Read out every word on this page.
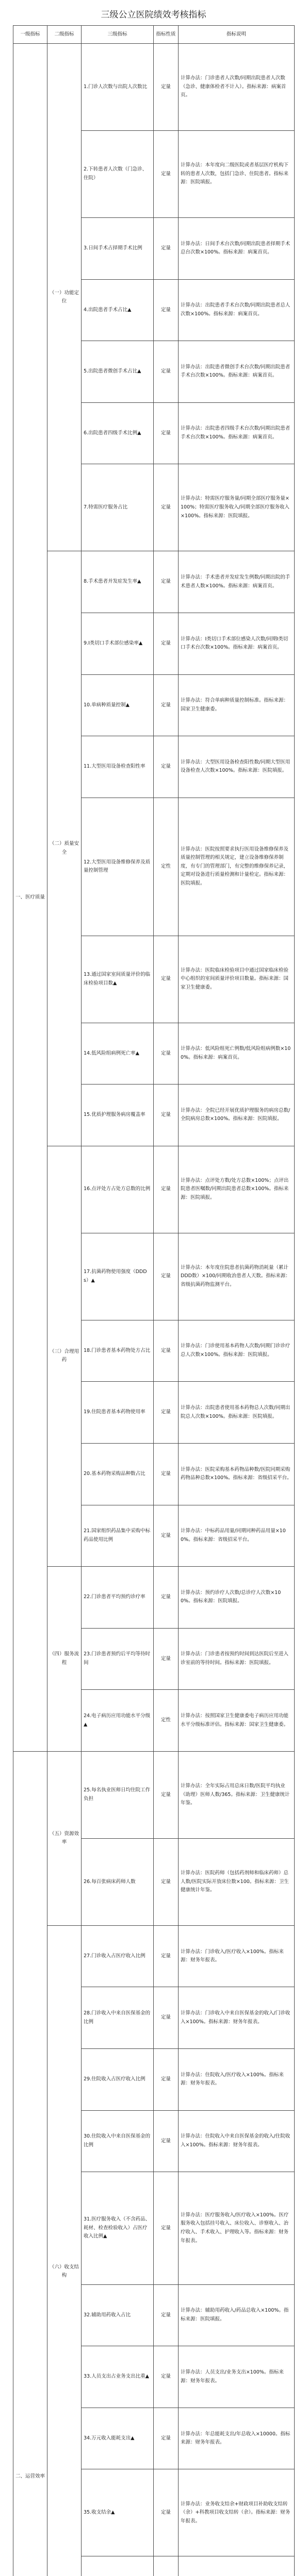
三级公立医院绩效考核指标
一级指标	二级指标	三级指标	指标性质	指标说明
一、医疗质量	（一）功能定位	1.门诊人次数与出院人次数比	定量	计算办法：门诊患者人次数/同期出院患者人次数（急诊、健康体检者不计入）。指标来源：病案首页。
		2.下转患者人次数（门急诊、住院）	定量	计算办法：本年度向二级医院或者基层医疗机构下转的患者人次数，包括门急诊、住院患者。指标来源：医院填报。
		3.日间手术占择期手术比例	定量	计算办法：日间手术台次数/同期出院患者择期手术总台次数×100%。指标来源：病案首页。
		4.出院患者手术占比▲	定量	计算办法：出院患者手术台次数/同期出院患者总人次数×100%。指标来源：病案首页。
		5.出院患者微创手术占比▲	定量	计算办法：出院患者微创手术台次数/同期出院患者手术台次数×100%。指标来源：病案首页。
		6.出院患者四级手术比例▲	定量	计算办法：出院患者四级手术台次数/同期出院患者手术台次数×100%。指标来源：病案首页。
		7.特需医疗服务占比	定量	计算办法：特需医疗服务量/同期全部医疗服务量×100%；特需医疗服务收入/同期全部医疗服务收入×100%。指标来源：医院填报。
	（二）质量安全	8.手术患者并发症发生率▲	定量	计算办法：手术患者并发症发生例数/同期出院的手术患者人数×100%。指标来源：病案首页。
		9.Ⅰ类切口手术部位感染率▲	定量	计算办法：Ⅰ类切口手术部位感染人次数/同期Ⅰ类切口手术台次数×100%。指标来源：病案首页。
		10.单病种质量控制▲	定量	计算办法：符合单病种质量控制标准。指标来源：国家卫生健康委。
		11.大型医用设备检查阳性率	定量	计算办法：大型医用设备检查阳性数/同期大型医用设备检查人次数×100%。指标来源：医院填报。
		12.大型医用设备维修保养及质量控制管理	定性	计算办法：医院按照要求执行医用设备维修保养及质量控制管理的相关规定，建立设备维修保养制度，有专门的管理部门，有完整的维修保养记录，定期对设备进行质量检测和计量检定。指标来源：医院填报。
		13.通过国家室间质量评价的临床检验项目数▲	定量	计算办法：医院临床检验项目中通过国家临床检验中心组织的室间质量评价项目数量。指标来源：国家卫生健康委。
		14.低风险组病例死亡率▲	定量	计算办法：低风险组死亡例数/低风险组病例数×100%。指标来源：病案首页。
		15.优质护理服务病房覆盖率	定量	计算办法：全院已经开展优质护理服务的病房总数/全院病房总数×100%。指标来源：医院填报。
	（三）合理用药	16.点评处方占处方总数的比例	定量	计算办法：点评处方数/处方总数×100%；点评出院患者医嘱数/同期出院患者总数×100%。指标来源：医院填报。
		17.抗菌药物使用强度（DDDs）▲	定量	计算办法：本年度住院患者抗菌药物消耗量（累计DDD数）×100/同期收治患者人天数。指标来源：省级抗菌药物监测平台。
		18.门诊患者基本药物处方占比	定量	计算办法：门诊使用基本药物人次数/同期门诊诊疗总人次数×100%。指标来源：医院填报。
		19.住院患者基本药物使用率	定量	计算办法：出院患者使用基本药物总人次数/同期出院总人次数×100%。指标来源：医院填报。
		20.基本药物采购品种数占比	定量	计算办法：医院采购基本药物品种数/医院同期采购药物品种总数×100%。指标来源：省级招采平台。
		21.国家组织药品集中采购中标药品使用比例	定量	计算办法：中标药品用量/同期同种药品用量×100%。指标来源：省级招采平台。
	（四）服务流程	22.门诊患者平均预约诊疗率	定量	计算办法：预约诊疗人次数/总诊疗人次数×100%。指标来源：医院填报。
		23.门诊患者预约后平均等待时间	定量	计算办法：门诊患者按预约时间到达医院后至进入诊室前的等待时间。指标来源：医院填报。
		24.电子病历应用功能水平分级▲	定性	计算办法：按照国家卫生健康委电子病历应用功能水平分级标准评估。指标来源：国家卫生健康委。
二、运营效率	（五）资源效率	25.每名执业医师日均住院工作负担	定量	计算办法：全年实际占用总床日数/医院平均执业（助理）医师人数/365。指标来源：卫生健康统计年鉴。
		26.每百张病床药师人数	定量	计算办法：医院药师（包括药剂师和临床药师）总人数/医院实际开放床位数×100。指标来源：卫生健康统计年鉴。
	（六）收支结构	27.门诊收入占医疗收入比例	定量	计算办法：门诊收入/医疗收入×100%。指标来源：财务年报表。
		28.门诊收入中来自医保基金的比例	定量	计算办法：门诊收入中来自医保基金的收入/门诊收入×100%。指标来源：财务年报表。
		29.住院收入占医疗收入比例	定量	计算办法：住院收入/医疗收入×100%。指标来源：财务年报表。
		30.住院收入中来自医保基金的比例	定量	计算办法：住院收入中来自医保基金的收入/住院收入×100%。指标来源：财务年报表。
		31.医疗服务收入（不含药品、耗材、检查检验收入）占医疗收入比例▲	定量	计算办法：医疗服务收入/医疗收入×100%。医疗服务收入包括挂号收入、床位收入、诊察收入、治疗收入、手术收入、护理收入等。指标来源：财务年报表。
		32.辅助用药收入占比	定量	计算办法：辅助用药收入/药品总收入×100%。指标来源：医院填报。
		33.人员支出占业务支出比重▲	定量	计算办法：人员支出/业务支出×100%。指标来源：财务年报表。
		34.万元收入能耗支出▲	定量	计算办法：年总能耗支出/年总收入×10000。指标来源：财务年报表。
		35.收支结余▲	定量	计算办法：业务收支结余+财政项目补助收支结转（余）+科教项目收支结转（余）。指标来源：财务年报表。
